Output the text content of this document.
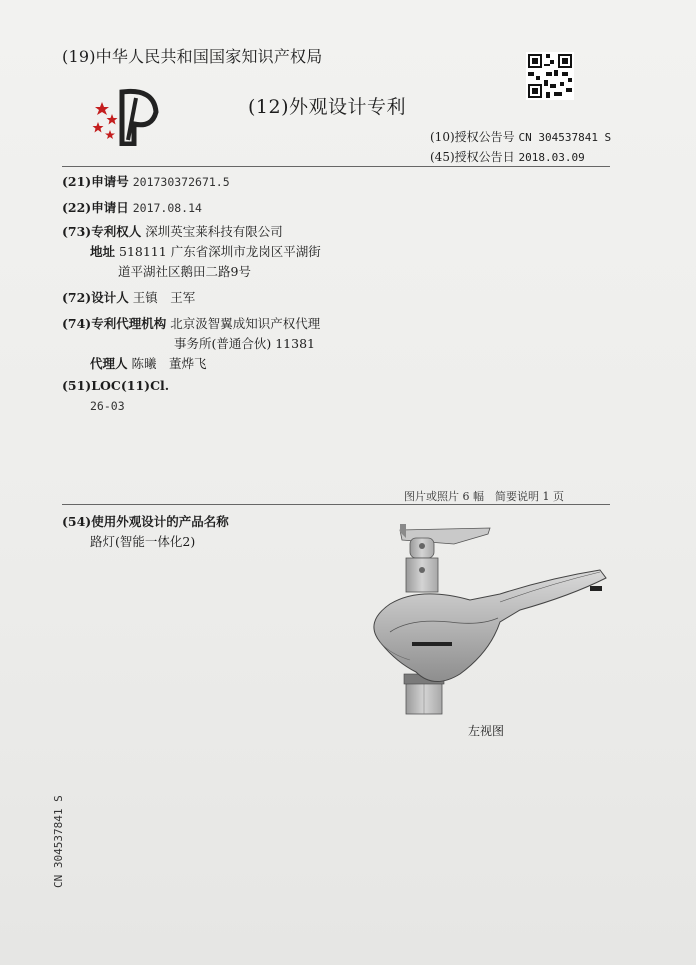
(19)中华人民共和国国家知识产权局
(12)外观设计专利
(10)授权公告号 CN 304537841 S
(45)授权公告日 2018.03.09
(21)申请号 201730372671.5
(22)申请日 2017.08.14
(73)专利权人 深圳英宝莱科技有限公司
地址 518111 广东省深圳市龙岗区平湖街
道平湖社区鹅田二路9号
(72)设计人 王镇　王军
(74)专利代理机构 北京汲智翼成知识产权代理
事务所(普通合伙) 11381
代理人 陈曦　董烨飞
(51)LOC(11)Cl.
26-03
图片或照片 6 幅　简要说明 1 页
(54)使用外观设计的产品名称
路灯(智能一体化2)
左视图
CN 304537841 S
